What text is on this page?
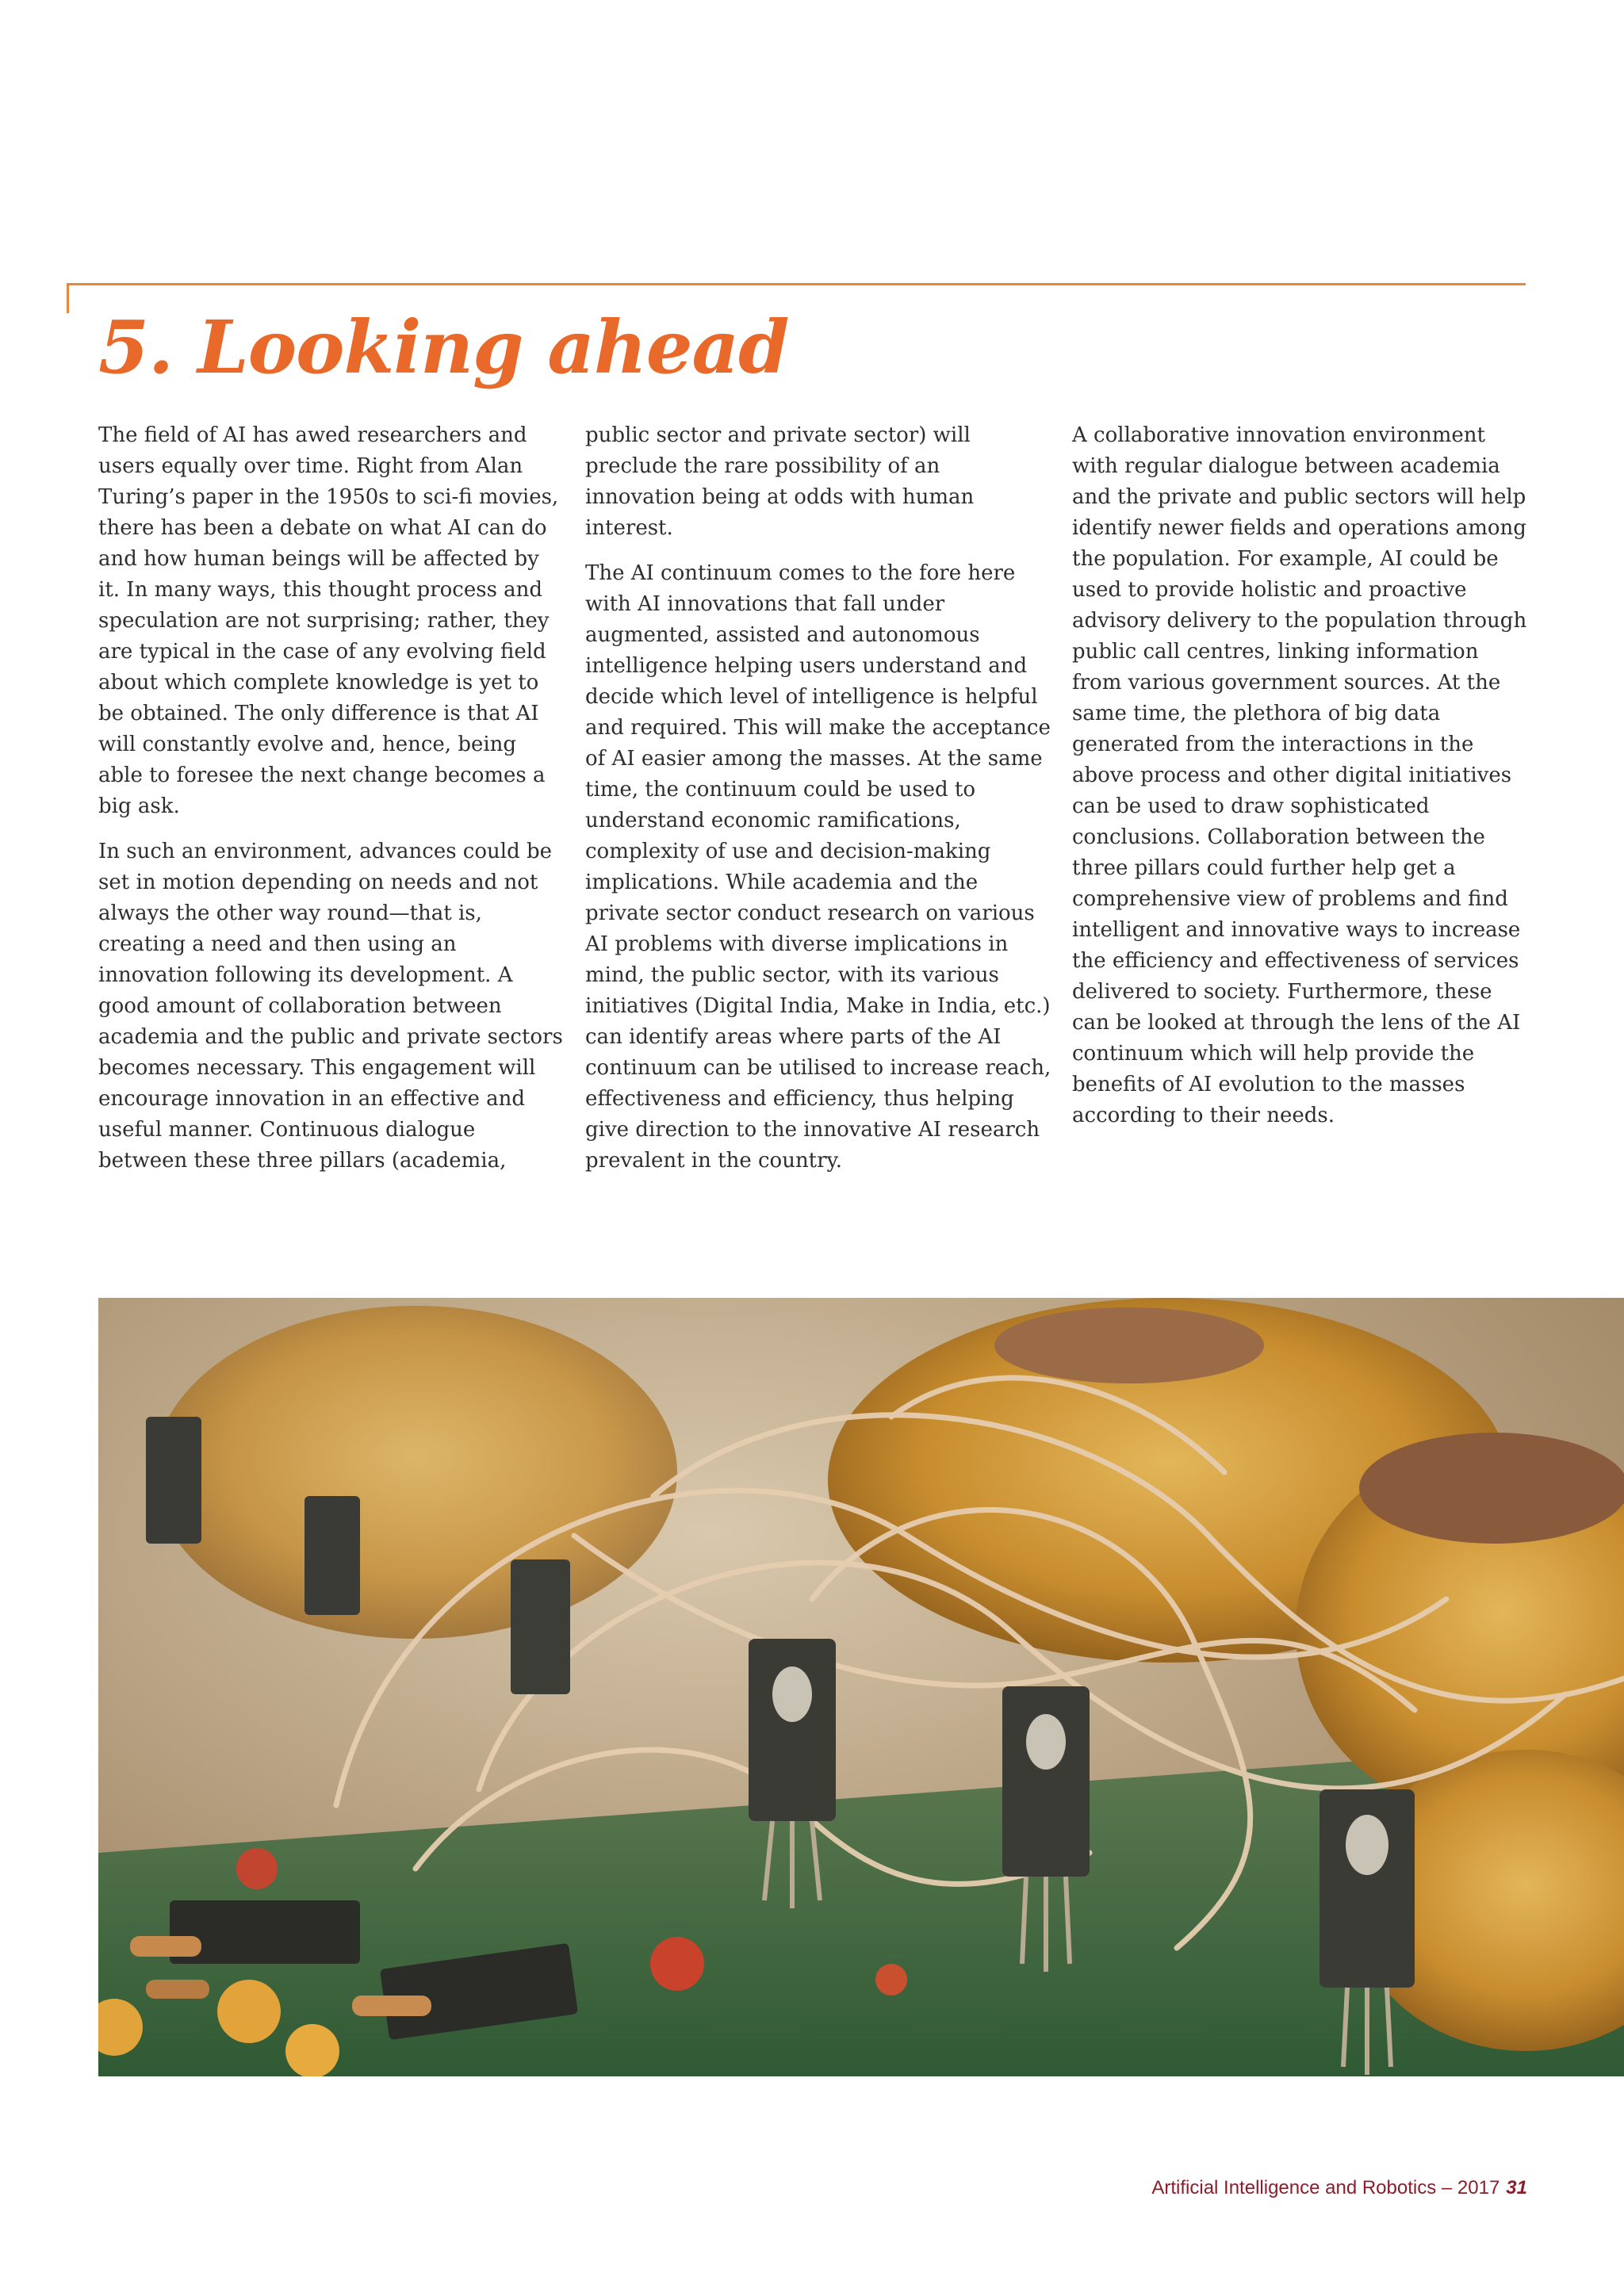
5. Looking ahead

The field of AI has awed researchers and users equally over time. Right from Alan Turing’s paper in the 1950s to sci-fi movies, there has been a debate on what AI can do and how human beings will be affected by it. In many ways, this thought process and speculation are not surprising; rather, they are typical in the case of any evolving field about which complete knowledge is yet to be obtained. The only difference is that AI will constantly evolve and, hence, being able to foresee the next change becomes a big ask.

In such an environment, advances could be set in motion depending on needs and not always the other way round—that is, creating a need and then using an innovation following its development. A good amount of collaboration between academia and the public and private sectors becomes necessary. This engagement will encourage innovation in an effective and useful manner. Continuous dialogue between these three pillars (academia,

public sector and private sector) will preclude the rare possibility of an innovation being at odds with human interest.

The AI continuum comes to the fore here with AI innovations that fall under augmented, assisted and autonomous intelligence helping users understand and decide which level of intelligence is helpful and required. This will make the acceptance of AI easier among the masses. At the same time, the continuum could be used to understand economic ramifications, complexity of use and decision-making implications. While academia and the private sector conduct research on various AI problems with diverse implications in mind, the public sector, with its various initiatives (Digital India, Make in India, etc.) can identify areas where parts of the AI continuum can be utilised to increase reach, effectiveness and efficiency, thus helping give direction to the innovative AI research prevalent in the country.

A collaborative innovation environment with regular dialogue between academia and the private and public sectors will help identify newer fields and operations among the population. For example, AI could be used to provide holistic and proactive advisory delivery to the population through public call centres, linking information from various government sources. At the same time, the plethora of big data generated from the interactions in the above process and other digital initiatives can be used to draw sophisticated conclusions. Collaboration between the three pillars could further help get a comprehensive view of problems and find intelligent and innovative ways to increase the efficiency and effectiveness of services delivered to society. Furthermore, these can be looked at through the lens of the AI continuum which will help provide the benefits of AI evolution to the masses according to their needs.

Artificial Intelligence and Robotics – 2017 31
